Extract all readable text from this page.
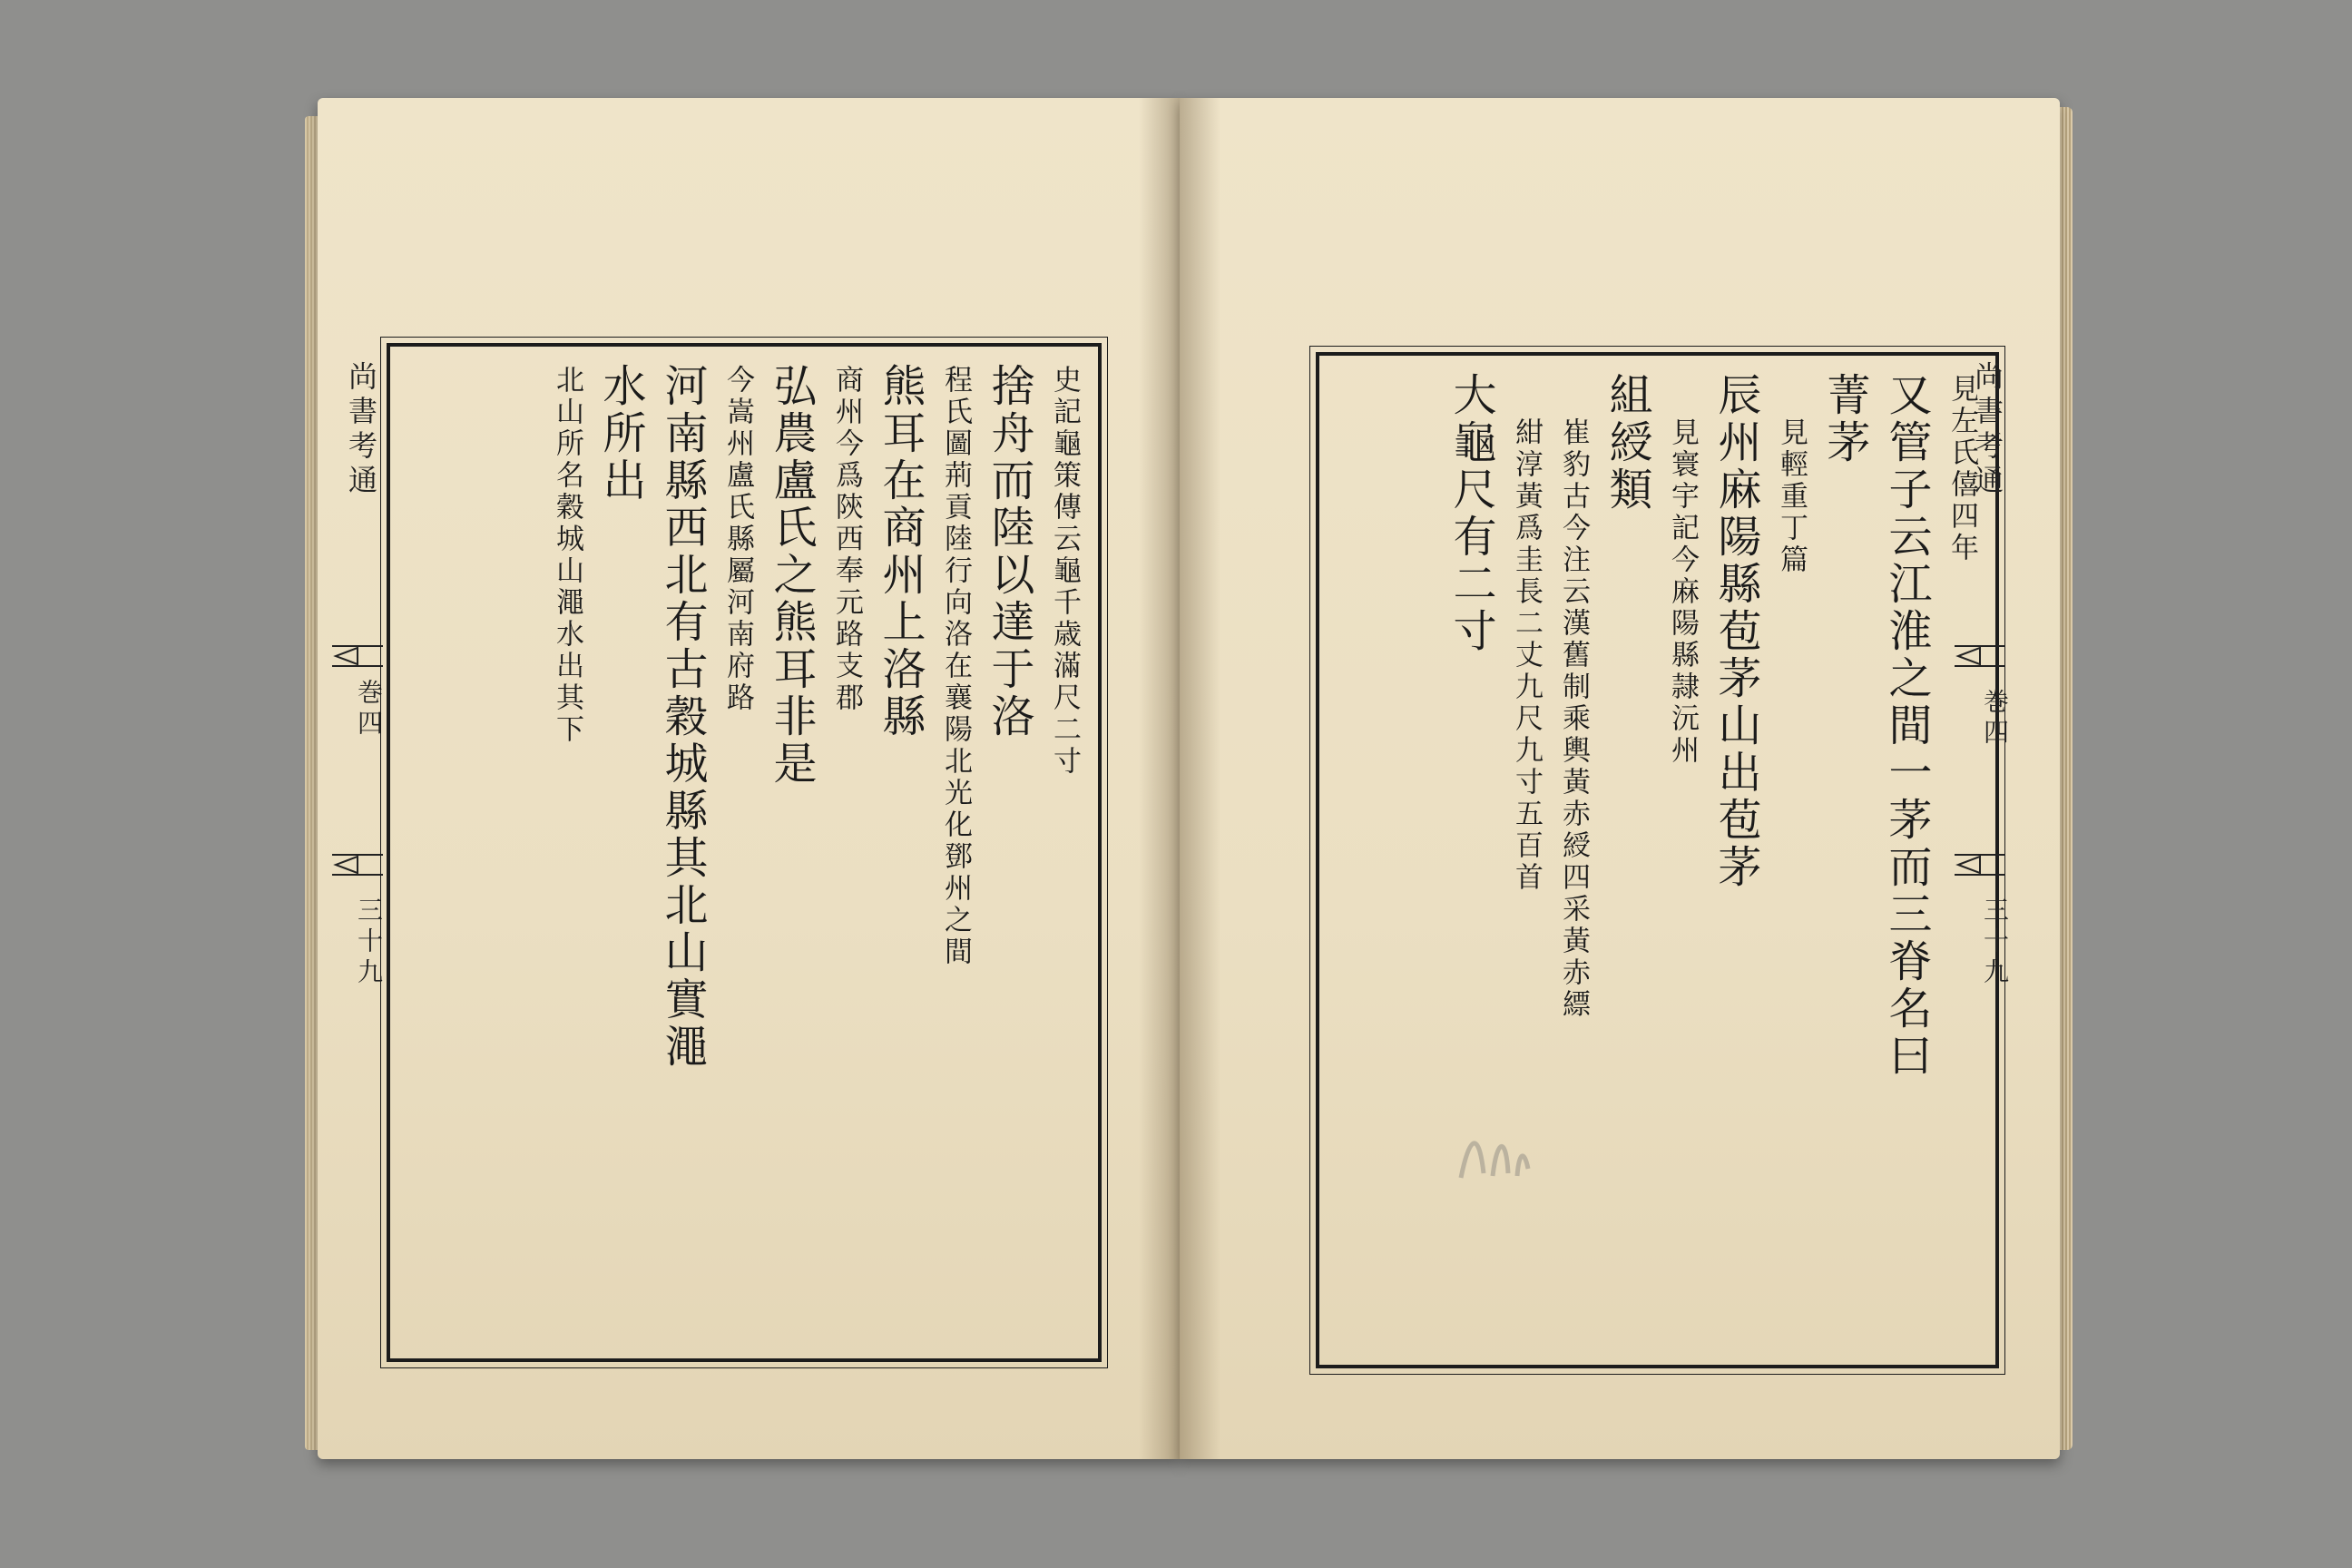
尚書考通
巻四
三十九
史記龜策傳云龜千歳滿尺二寸
捨舟而陸以達于洛
程氏圖荊貢陸行向洛在襄陽北光化鄧州之間
熊耳在商州上洛縣
商州今爲陝西奉元路支郡
弘農盧氏之熊耳非是
今嵩州盧氏縣屬河南府路
河南縣西北有古穀城縣其北山實澠
水所出
北山所名穀城山澠水出其下	見左氏僖四年
又管子云江淮之間一茅而三脊名曰
菁茅
見輕重丁篇
辰州麻陽縣苞茅山出苞茅
見寰宇記今麻陽縣隷沅州
組綬類
崔豹古今注云漢舊制乘輿黃赤綬四采黃赤縹
紺淳黃爲圭長二丈九尺九寸五百首
大龜尺有二寸	尚書考通
巻四
三十九
